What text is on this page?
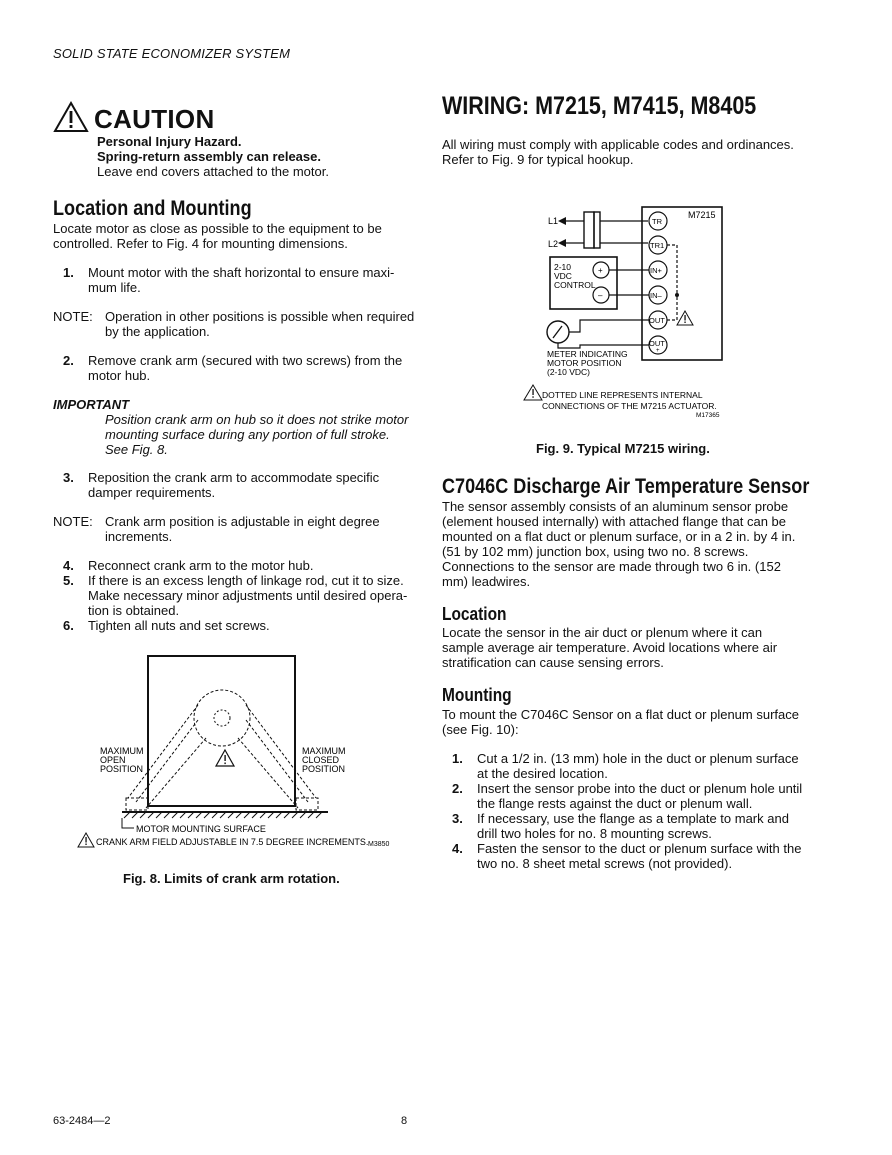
SOLID STATE ECONOMIZER SYSTEM
CAUTION
Personal Injury Hazard.
Spring-return assembly can release.
Leave end covers attached to the motor.
Location and Mounting
Locate motor as close as possible to the equipment to be
controlled. Refer to Fig. 4 for mounting dimensions.
1. Mount motor with the shaft horizontal to ensure maxi-
mum life.
NOTE: Operation in other positions is possible when required
by the application.
2. Remove crank arm (secured with two screws) from the
motor hub.
IMPORTANT
Position crank arm on hub so it does not strike motor
mounting surface during any portion of full stroke.
See Fig. 8.
3. Reposition the crank arm to accommodate specific
damper requirements.
NOTE: Crank arm position is adjustable in eight degree
increments.
4. Reconnect crank arm to the motor hub.
5. If there is an excess length of linkage rod, cut it to size.
Make necessary minor adjustments until desired opera-
tion is obtained.
6. Tighten all nuts and set screws.
MAXIMUM
OPEN
POSITION
MAXIMUM
CLOSED
POSITION
MOTOR MOUNTING SURFACE
CRANK ARM FIELD ADJUSTABLE IN 7.5 DEGREE INCREMENTS. M3850
Fig. 8. Limits of crank arm rotation.
WIRING: M7215, M7415, M8405
All wiring must comply with applicable codes and ordinances.
Refer to Fig. 9 for typical hookup.
M7215
L1
L2
TR
TR1
IN+
IN–
OUT
OUT
+
2-10
VDC
CONTROL
+
–
METER INDICATING
MOTOR POSITION
(2-10 VDC)
DOTTED LINE REPRESENTS INTERNAL
CONNECTIONS OF THE M7215 ACTUATOR.
M17365
Fig. 9. Typical M7215 wiring.
C7046C Discharge Air Temperature Sensor
The sensor assembly consists of an aluminum sensor probe
(element housed internally) with attached flange that can be
mounted on a flat duct or plenum surface, or in a 2 in. by 4 in.
(51 by 102 mm) junction box, using two no. 8 screws.
Connections to the sensor are made through two 6 in. (152
mm) leadwires.
Location
Locate the sensor in the air duct or plenum where it can
sample average air temperature. Avoid locations where air
stratification can cause sensing errors.
Mounting
To mount the C7046C Sensor on a flat duct or plenum surface
(see Fig. 10):
1. Cut a 1/2 in. (13 mm) hole in the duct or plenum surface
at the desired location.
2. Insert the sensor probe into the duct or plenum hole until
the flange rests against the duct or plenum wall.
3. If necessary, use the flange as a template to mark and
drill two holes for no. 8 mounting screws.
4. Fasten the sensor to the duct or plenum surface with the
two no. 8 sheet metal screws (not provided).
63-2484—2	8
